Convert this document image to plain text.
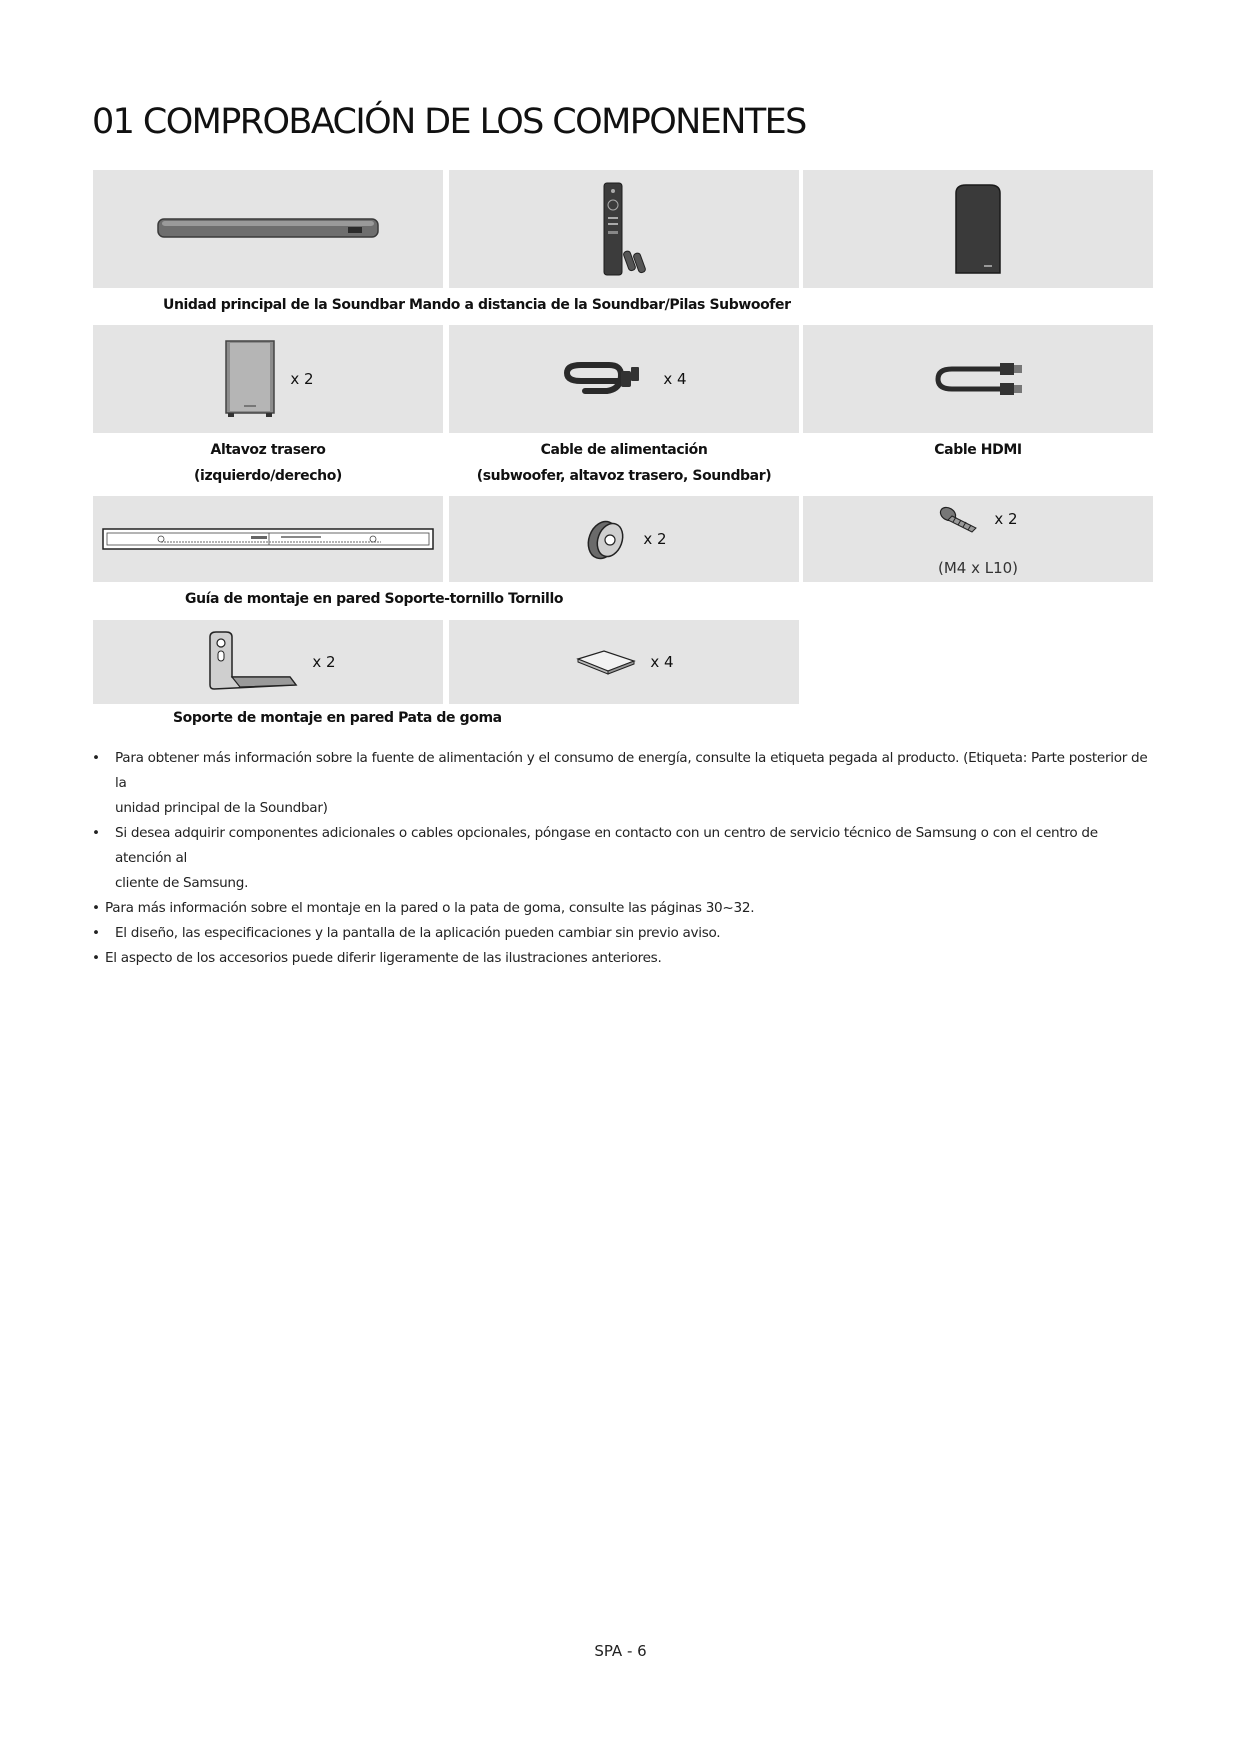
01 COMPROBACIÓN DE LOS COMPONENTES
Unidad principal de la Soundbar Mando a distancia de la Soundbar/Pilas Subwoofer
x 2	x 4
Altavoz trasero
(izquierdo/derecho)
Cable de alimentación
(subwoofer, altavoz trasero, Soundbar)
Cable HDMI
x 2
x 2
(M4 x L10)
Guía de montaje en pared Soporte-tornillo Tornillo
x 2	x 4
Soporte de montaje en pared Pata de goma
• Para obtener más información sobre la fuente de alimentación y el consumo de energía, consulte la etiqueta pegada al producto. (Etiqueta: Parte posterior de la
unidad principal de la Soundbar)
• Si desea adquirir componentes adicionales o cables opcionales, póngase en contacto con un centro de servicio técnico de Samsung o con el centro de atención al
cliente de Samsung.
• Para más información sobre el montaje en la pared o la pata de goma, consulte las páginas 30~32.
• El diseño, las especificaciones y la pantalla de la aplicación pueden cambiar sin previo aviso.
• El aspecto de los accesorios puede diferir ligeramente de las ilustraciones anteriores.
SPA - 6
